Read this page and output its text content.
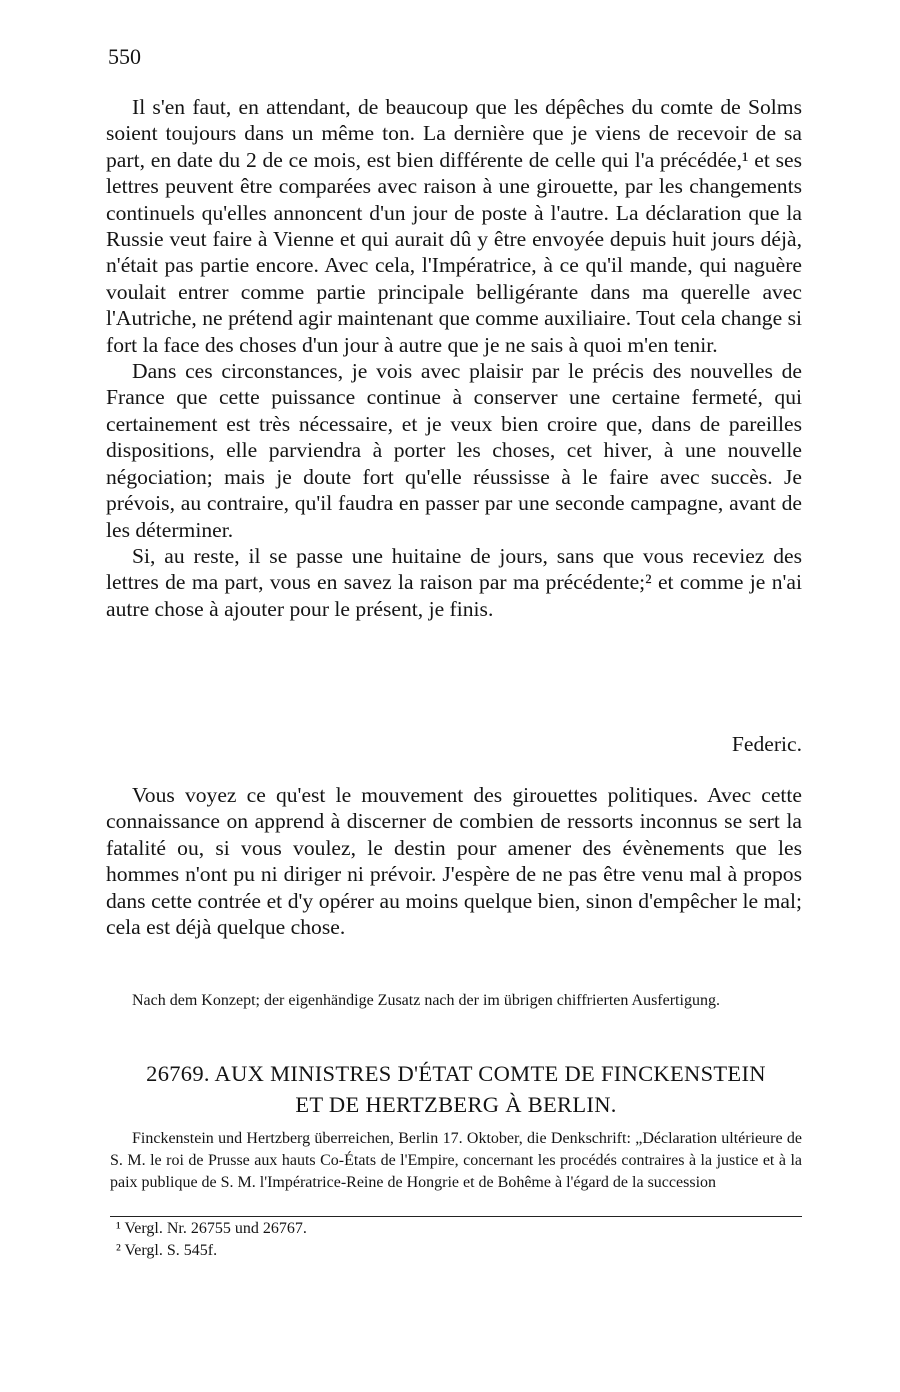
550

Il s'en faut, en attendant, de beaucoup que les dépêches du comte de Solms soient toujours dans un même ton. La dernière que je viens de recevoir de sa part, en date du 2 de ce mois, est bien différente de celle qui l'a précédée,¹ et ses lettres peuvent être comparées avec raison à une girouette, par les changements continuels qu'elles annoncent d'un jour de poste à l'autre. La déclaration que la Russie veut faire à Vienne et qui aurait dû y être envoyée depuis huit jours déjà, n'était pas partie encore. Avec cela, l'Impératrice, à ce qu'il mande, qui naguère voulait entrer comme partie principale belligérante dans ma querelle avec l'Autriche, ne prétend agir maintenant que comme auxiliaire. Tout cela change si fort la face des choses d'un jour à autre que je ne sais à quoi m'en tenir.

Dans ces circonstances, je vois avec plaisir par le précis des nouvelles de France que cette puissance continue à conserver une certaine fermeté, qui certainement est très nécessaire, et je veux bien croire que, dans de pareilles dispositions, elle parviendra à porter les choses, cet hiver, à une nouvelle négociation; mais je doute fort qu'elle réussisse à le faire avec succès. Je prévois, au contraire, qu'il faudra en passer par une seconde campagne, avant de les déterminer.

Si, au reste, il se passe une huitaine de jours, sans que vous receviez des lettres de ma part, vous en savez la raison par ma précédente;² et comme je n'ai autre chose à ajouter pour le présent, je finis.

Federic.

Vous voyez ce qu'est le mouvement des girouettes politiques. Avec cette connaissance on apprend à discerner de combien de ressorts inconnus se sert la fatalité ou, si vous voulez, le destin pour amener des évènements que les hommes n'ont pu ni diriger ni prévoir. J'espère de ne pas être venu mal à propos dans cette contrée et d'y opérer au moins quelque bien, sinon d'empêcher le mal; cela est déjà quelque chose.

Nach dem Konzept; der eigenhändige Zusatz nach der im übrigen chiffrierten Ausfertigung.
26769. AUX MINISTRES D'ÉTAT COMTE DE FINCKENSTEIN
ET DE HERTZBERG À BERLIN.
Finckenstein und Hertzberg überreichen, Berlin 17. Oktober, die Denkschrift: „Déclaration ultérieure de S. M. le roi de Prusse aux hauts Co-États de l'Empire, concernant les procédés contraires à la justice et à la paix publique de S. M. l'Impératrice-Reine de Hongrie et de Bohême à l'égard de la succession
¹ Vergl. Nr. 26755 und 26767.
² Vergl. S. 545f.
